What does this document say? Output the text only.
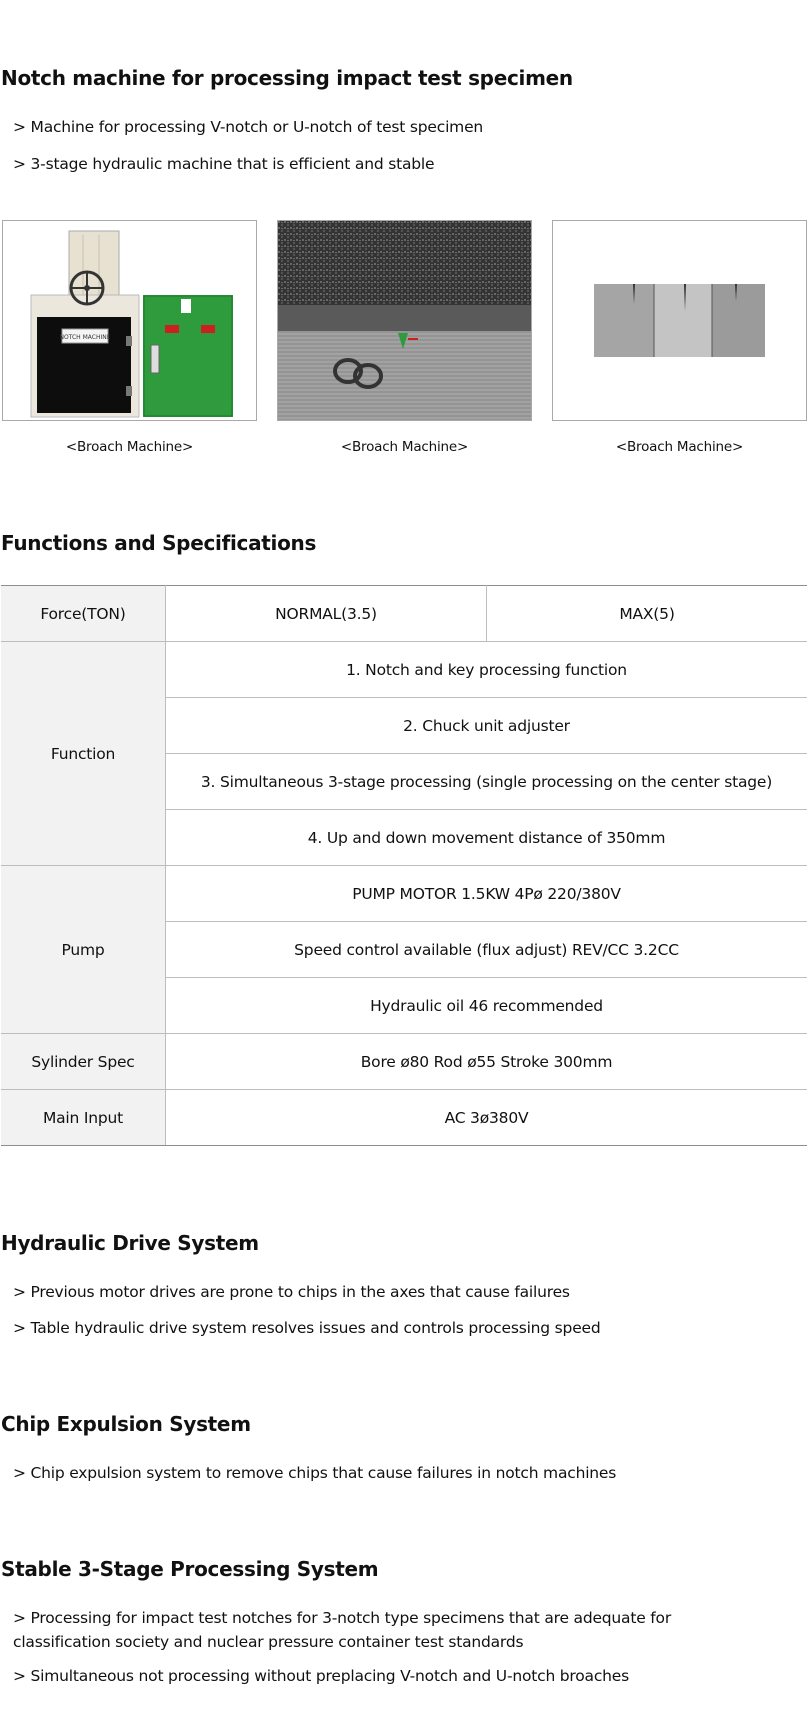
Notch machine for processing impact test specimen

> Machine for processing V-notch or U-notch of test specimen

> 3-stage hydraulic machine that is efficient and stable

NOTCH MACHINE
<Broach Machine>	<Broach Machine>	<Broach Machine>
Functions and Specifications
Force(TON)	NORMAL(3.5)	MAX(5)
Function	1. Notch and key processing function	
	2. Chuck unit adjuster	
	3. Simultaneous 3-stage processing (single processing on the center stage)	
	4. Up and down movement distance of 350mm	
Pump	PUMP MOTOR 1.5KW 4Pø 220/380V	
	Speed control available (flux adjust) REV/CC 3.2CC	
	Hydraulic oil 46 recommended	
Sylinder Spec	Bore ø80 Rod ø55 Stroke 300mm	
Main Input	AC 3ø380V	
Hydraulic Drive System

> Previous motor drives are prone to chips in the axes that cause failures

> Table hydraulic drive system resolves issues and controls processing speed

Chip Expulsion System

> Chip expulsion system to remove chips that cause failures in notch machines

Stable 3-Stage Processing System

> Processing for impact test notches for 3-notch type specimens that are adequate for classification society and nuclear pressure container test standards

> Simultaneous not processing without preplacing V-notch and U-notch broaches
